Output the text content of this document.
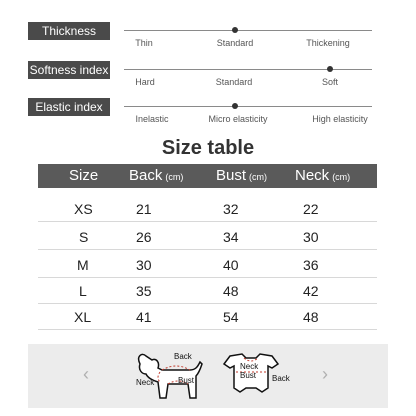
Thickness index	Thin	Standard	Thickening
Softness index
Hard	Standard	Soft
Elastic index
Inelastic	Micro elasticity	High elasticity
Size table
Size Back (cm) Bust (cm) Neck (cm)
XS	21	32	22
S	26	34	30
M	30	40	36
L	35	48	42
XL	41	54	48
‹	›
Back
Neck	Bust
Neck
Bust Back
